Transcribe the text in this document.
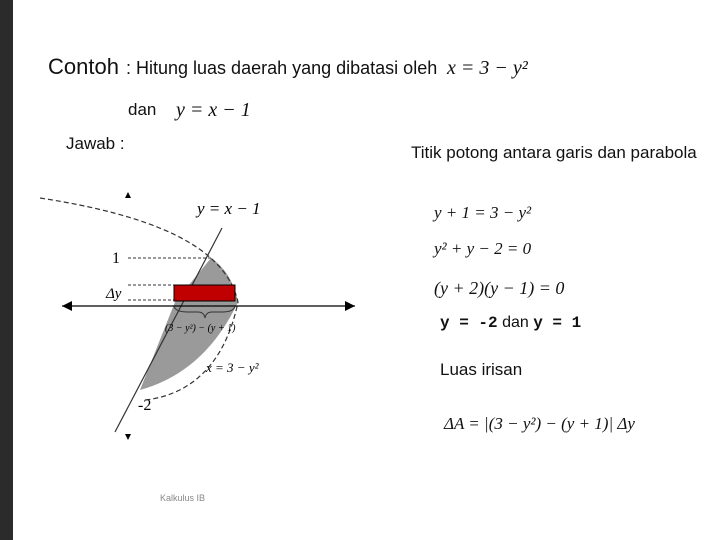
Contoh : Hitung luas daerah yang dibatasi oleh x = 3 − y²
dan y = x − 1
Jawab :	Titik potong antara garis dan parabola
y + 1 = 3 − y²
y² + y − 2 = 0
(y + 2)(y − 1) = 0
y = -2 dan y = 1
Luas irisan
ΔA = |(3 − y²) − (y + 1)| Δy
Kalkulus IB
y = x − 1
1
Δy
(3 − y²) − (y + 1)
x = 3 − y²
-2
